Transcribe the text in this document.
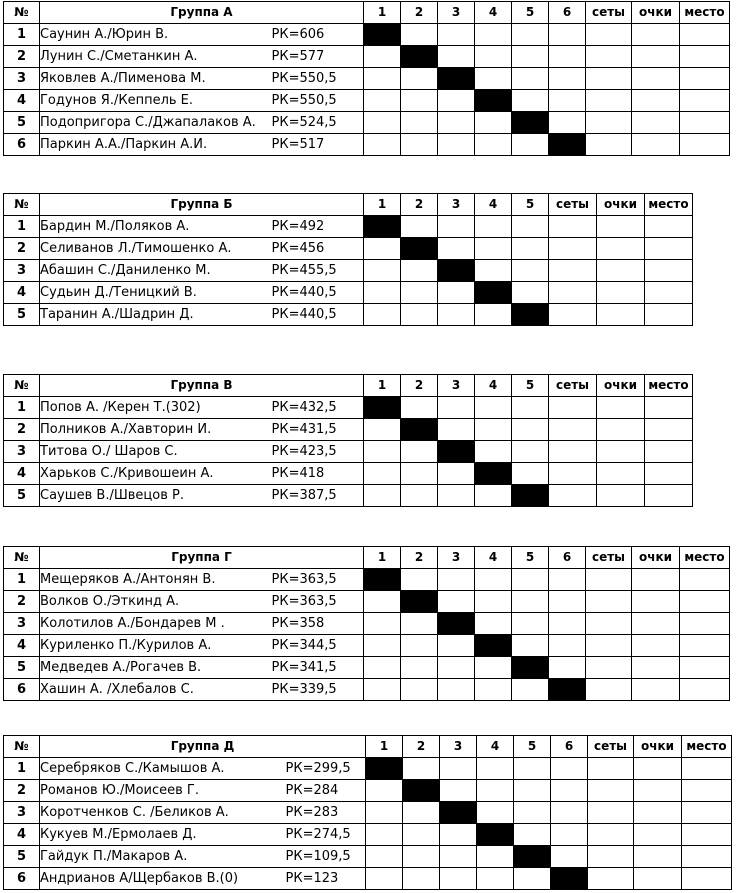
№	Группа А		1	2	3	4	5	6	сеты	очки	место
1	Саунин А./Юрин В.	РК=606									
2	Лунин С./Сметанкин А.	РК=577									
3	Яковлев А./Пименова М.	РК=550,5									
4	Годунов Я./Кеппель Е.	РК=550,5									
5	Подопригора С./Джапалаков А.	РК=524,5									
6	Паркин А.А./Паркин А.И.	РК=517									
№	Группа Б		1	2	3	4	5	сеты	очки	место
1	Бардин М./Поляков А.	РК=492								
2	Селиванов Л./Тимошенко А.	РК=456								
3	Абашин С./Даниленко М.	РК=455,5								
4	Судьин Д./Теницкий В.	РК=440,5								
5	Таранин А./Шадрин Д.	РК=440,5								
№	Группа В		1	2	3	4	5	сеты	очки	место
1	Попов А. /Керен Т.(302)	РК=432,5								
2	Полников А./Хавторин И.	РК=431,5								
3	Титова О./ Шаров С.	РК=423,5								
4	Харьков С./Кривошеин А.	РК=418								
5	Саушев В./Швецов Р.	РК=387,5								
№	Группа Г		1	2	3	4	5	6	сеты	очки	место
1	Мещеряков А./Антонян В.	РК=363,5									
2	Волков О./Эткинд А.	РК=363,5									
3	Колотилов А./Бондарев М .	РК=358									
4	Куриленко П./Курилов А.	РК=344,5									
5	Медведев А./Рогачев В.	РК=341,5									
6	Хашин А. /Хлебалов С.	РК=339,5									
№	Группа Д		1	2	3	4	5	6	сеты	очки	место
1	Серебряков С./Камышов А.	РК=299,5									
2	Романов Ю./Моисеев Г.	РК=284									
3	Коротченков С. /Беликов А.	РК=283									
4	Кукуев М./Ермолаев Д.	РК=274,5									
5	Гайдук П./Макаров А.	РК=109,5									
6	Андрианов А/Щербаков В.(0)	РК=123									
